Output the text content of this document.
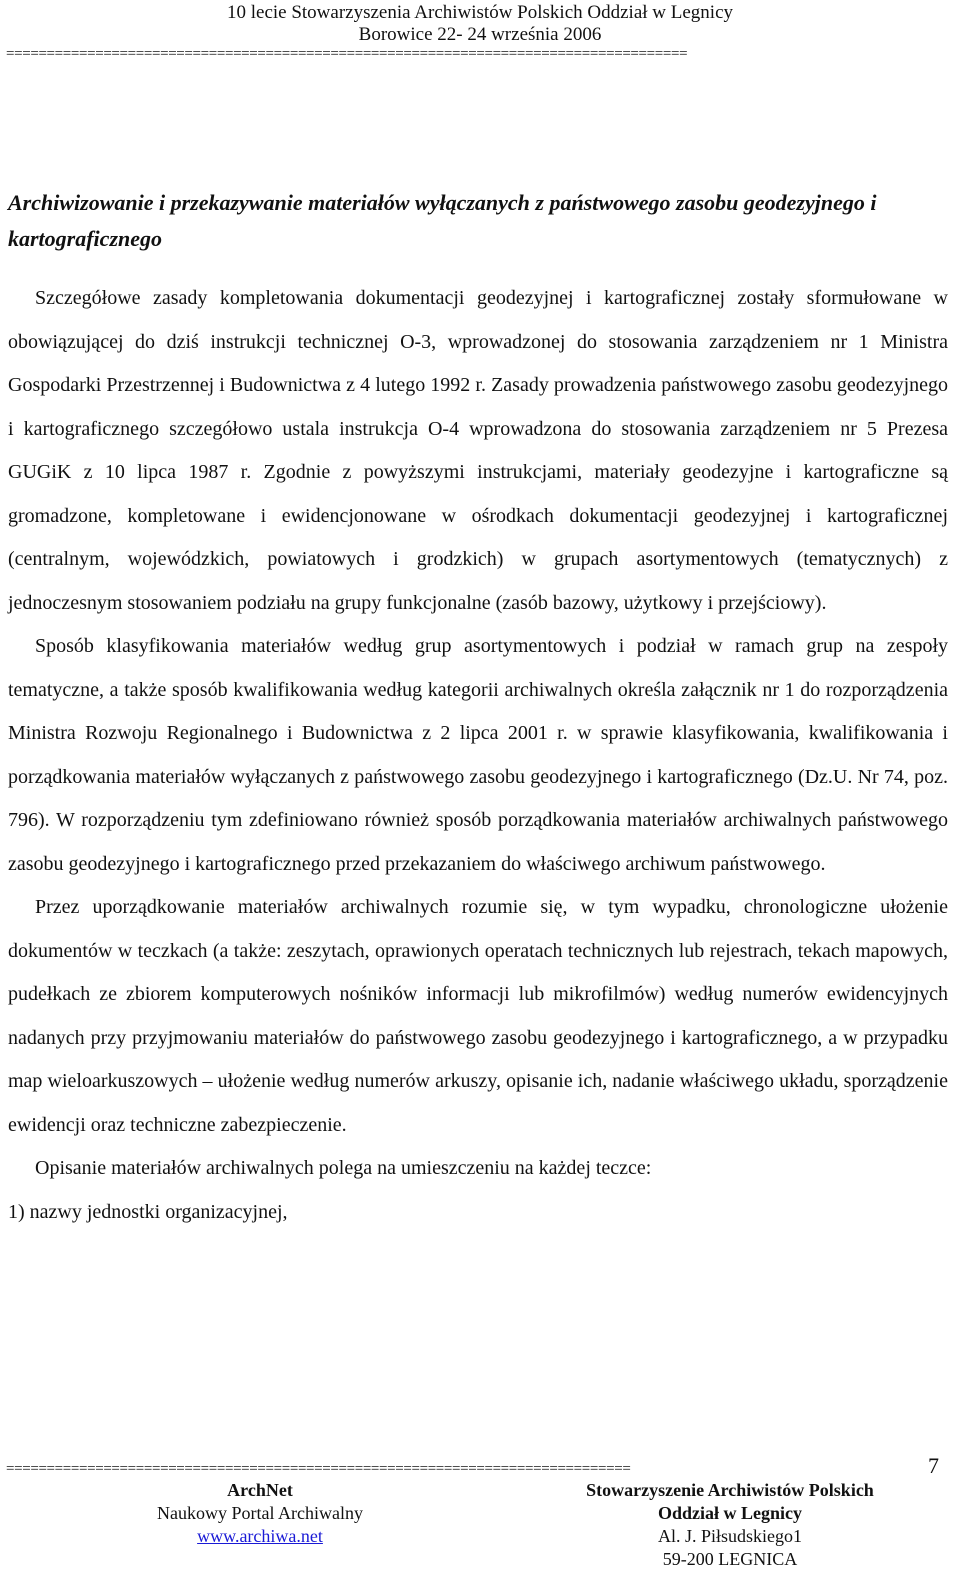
10 lecie Stowarzyszenia Archiwistów Polskich Oddział w Legnicy
Borowice 22- 24 września 2006
====================================================================================
Archiwizowanie i przekazywanie materiałów wyłączanych z państwowego zasobu geodezyjnego i kartograficznego

Szczegółowe zasady kompletowania dokumentacji geodezyjnej i kartograficznej zostały sformułowane w obowiązującej do dziś instrukcji technicznej O-3, wprowadzonej do stosowania zarządzeniem nr 1 Ministra Gospodarki Przestrzennej i Budownictwa z 4 lutego 1992 r. Zasady prowadzenia państwowego zasobu geodezyjnego i kartograficznego szczegółowo ustala instrukcja O-4 wprowadzona do stosowania zarządzeniem nr 5 Prezesa GUGiK z 10 lipca 1987 r. Zgodnie z powyższymi instrukcjami, materiały geodezyjne i kartograficzne są gromadzone, kompletowane i ewidencjonowane w ośrodkach dokumentacji geodezyjnej i kartograficznej (centralnym, wojewódzkich, powiatowych i grodzkich) w grupach asortymentowych (tematycznych) z jednoczesnym stosowaniem podziału na grupy funkcjonalne (zasób bazowy, użytkowy i przejściowy).

Sposób klasyfikowania materiałów według grup asortymentowych i podział w ramach grup na zespoły tematyczne, a także sposób kwalifikowania według kategorii archiwalnych określa załącznik nr 1 do rozporządzenia Ministra Rozwoju Regionalnego i Budownictwa z 2 lipca 2001 r. w sprawie klasyfikowania, kwalifikowania i porządkowania materiałów wyłączanych z państwowego zasobu geodezyjnego i kartograficznego (Dz.U. Nr 74, poz. 796). W rozporządzeniu tym zdefiniowano również sposób porządkowania materiałów archiwalnych państwowego zasobu geodezyjnego i kartograficznego przed przekazaniem do właściwego archiwum państwowego.

Przez uporządkowanie materiałów archiwalnych rozumie się, w tym wypadku, chronologiczne ułożenie dokumentów w teczkach (a także: zeszytach, oprawionych operatach technicznych lub rejestrach, tekach mapowych, pudełkach ze zbiorem komputerowych nośników informacji lub mikrofilmów) według numerów ewidencyjnych nadanych przy przyjmowaniu materiałów do państwowego zasobu geodezyjnego i kartograficznego, a w przypadku map wieloarkuszowych – ułożenie według numerów arkuszy, opisanie ich, nadanie właściwego układu, sporządzenie ewidencji oraz techniczne zabezpieczenie.

Opisanie materiałów archiwalnych polega na umieszczeniu na każdej teczce:

1) nazwy jednostki organizacyjnej,

=============================================================================	7
ArchNet
Naukowy Portal Archiwalny
www.archiwa.net
Stowarzyszenie Archiwistów Polskich
Oddział w Legnicy
Al. J. Piłsudskiego1
59-200 LEGNICA
